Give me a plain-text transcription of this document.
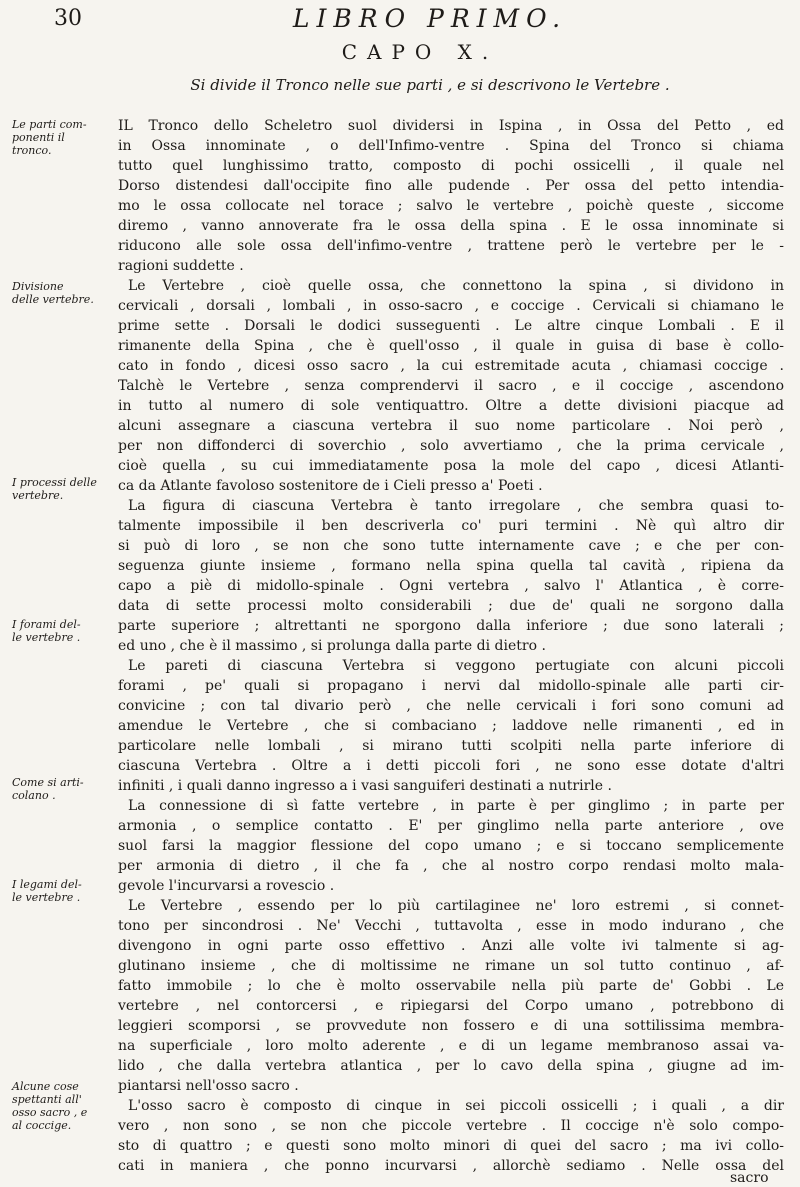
30	LIBRO PRIMO.
CAPO X.
Si divide il Tronco nelle sue parti , e si descrivono le Vertebre .
Le parti com-
ponenti il
tronco.
Divisione
delle vertebre.
I processi delle
vertebre.
I forami del-
le vertebre .
Come si arti-
colano .
I legami del-
le vertebre .
Alcune cose
spettanti all'
osso sacro , e
al coccige.
IL Tronco dello Scheletro suol dividersi in Ispina , in Ossa del Petto , ed
in Ossa innominate , o dell'Infimo-ventre . Spina del Tronco si chiama
tutto quel lunghissimo tratto, composto di pochi ossicelli , il quale nel
Dorso distendesi dall'occipite fino alle pudende . Per ossa del petto intendia-
mo le ossa collocate nel torace ; salvo le vertebre , poichè queste , siccome
diremo , vanno annoverate fra le ossa della spina . E le ossa innominate si
riducono alle sole ossa dell'infimo-ventre , trattene però le vertebre per le -
ragioni suddette .
Le Vertebre , cioè quelle ossa, che connettono la spina , si dividono in
cervicali , dorsali , lombali , in osso-sacro , e coccige . Cervicali si chiamano le
prime sette . Dorsali le dodici susseguenti . Le altre cinque Lombali . E il
rimanente della Spina , che è quell'osso , il quale in guisa di base è collo-
cato in fondo , dicesi osso sacro , la cui estremitade acuta , chiamasi coccige .
Talchè le Vertebre , senza comprendervi il sacro , e il coccige , ascendono
in tutto al numero di sole ventiquattro. Oltre a dette divisioni piacque ad
alcuni assegnare a ciascuna vertebra il suo nome particolare . Noi però ,
per non diffonderci di soverchio , solo avvertiamo , che la prima cervicale ,
cioè quella , su cui immediatamente posa la mole del capo , dicesi Atlanti-
ca da Atlante favoloso sostenitore de i Cieli presso a' Poeti .
La figura di ciascuna Vertebra è tanto irregolare , che sembra quasi to-
talmente impossibile il ben descriverla co' puri termini . Nè quì altro dir
si può di loro , se non che sono tutte internamente cave ; e che per con-
seguenza giunte insieme , formano nella spina quella tal cavità , ripiena da
capo a piè di midollo-spinale . Ogni vertebra , salvo l' Atlantica , è corre-
data di sette processi molto considerabili ; due de' quali ne sorgono dalla
parte superiore ; altrettanti ne sporgono dalla inferiore ; due sono laterali ;
ed uno , che è il massimo , si prolunga dalla parte di dietro .
Le pareti di ciascuna Vertebra si veggono pertugiate con alcuni piccoli
forami , pe' quali si propagano i nervi dal midollo-spinale alle parti cir-
convicine ; con tal divario però , che nelle cervicali i fori sono comuni ad
amendue le Vertebre , che si combaciano ; laddove nelle rimanenti , ed in
particolare nelle lombali , si mirano tutti scolpiti nella parte inferiore di
ciascuna Vertebra . Oltre a i detti piccoli fori , ne sono esse dotate d'altri
infiniti , i quali danno ingresso a i vasi sanguiferi destinati a nutrirle .
La connessione di sì fatte vertebre , in parte è per ginglimo ; in parte per
armonia , o semplice contatto . E' per ginglimo nella parte anteriore , ove
suol farsi la maggior flessione del copo umano ; e si toccano semplicemente
per armonia di dietro , il che fa , che al nostro corpo rendasi molto mala-
gevole l'incurvarsi a rovescio .
Le Vertebre , essendo per lo più cartilaginee ne' loro estremi , si connet-
tono per sincondrosi . Ne' Vecchi , tuttavolta , esse in modo indurano , che
divengono in ogni parte osso effettivo . Anzi alle volte ivi talmente si ag-
glutinano insieme , che di moltissime ne rimane un sol tutto continuo , af-
fatto immobile ; lo che è molto osservabile nella più parte de' Gobbi . Le
vertebre , nel contorcersi , e ripiegarsi del Corpo umano , potrebbono di
leggieri scomporsi , se provvedute non fossero e di una sottilissima membra-
na superficiale , loro molto aderente , e di un legame membranoso assai va-
lido , che dalla vertebra atlantica , per lo cavo della spina , giugne ad im-
piantarsi nell'osso sacro .
L'osso sacro è composto di cinque in sei piccoli ossicelli ; i quali , a dir
vero , non sono , se non che piccole vertebre . Il coccige n'è solo compo-
sto di quattro ; e questi sono molto minori di quei del sacro ; ma ivi collo-
cati in maniera , che ponno incurvarsi , allorchè sediamo . Nelle ossa del
sacro
